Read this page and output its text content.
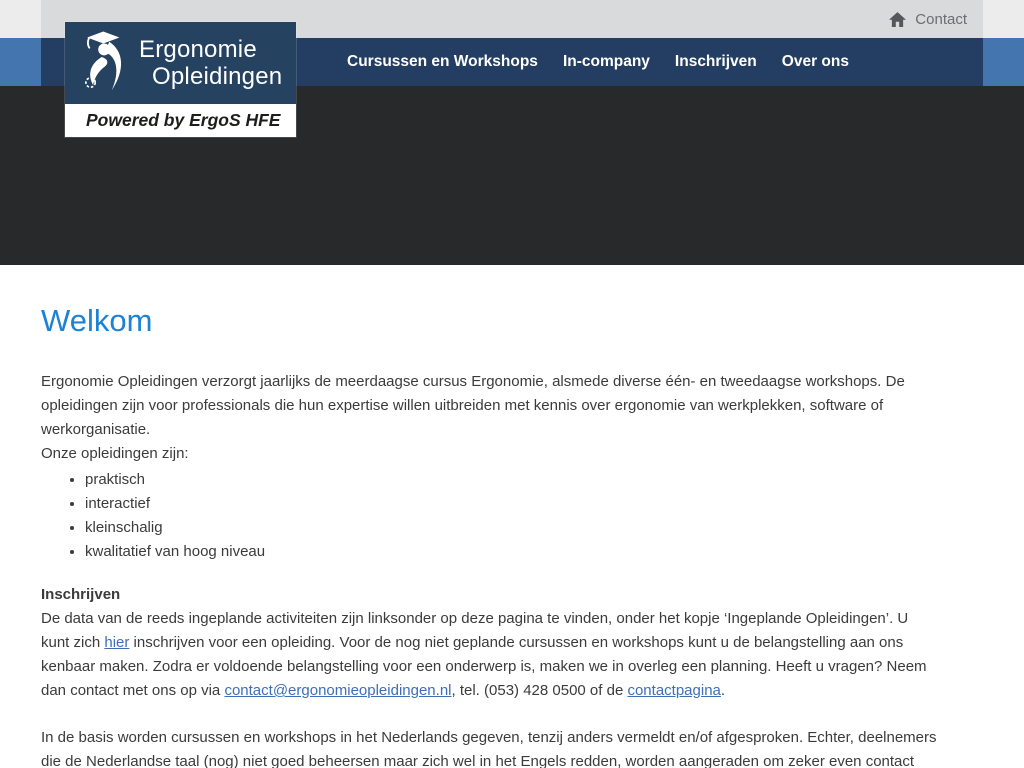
Contact
Cursussen en Workshops In-company Inschrijven Over ons
Ergonomie
Opleidingen
Powered by ErgoS HFE
Welkom
Ergonomie Opleidingen verzorgt jaarlijks de meerdaagse cursus Ergonomie, alsmede diverse één- en tweedaagse workshops. De
opleidingen zijn voor professionals die hun expertise willen uitbreiden met kennis over ergonomie van werkplekken, software of
werkorganisatie.
Onze opleidingen zijn:
• praktisch
• interactief
• kleinschalig
• kwalitatief van hoog niveau
Inschrijven
De data van de reeds ingeplande activiteiten zijn linksonder op deze pagina te vinden, onder het kopje ‘Ingeplande Opleidingen’. U
kunt zich hier inschrijven voor een opleiding. Voor de nog niet geplande cursussen en workshops kunt u de belangstelling aan ons
kenbaar maken. Zodra er voldoende belangstelling voor een onderwerp is, maken we in overleg een planning. Heeft u vragen? Neem
dan contact met ons op via contact@ergonomieopleidingen.nl, tel. (053) 428 0500 of de contactpagina.
In de basis worden cursussen en workshops in het Nederlands gegeven, tenzij anders vermeldt en/of afgesproken. Echter, deelnemers
die de Nederlandse taal (nog) niet goed beheersen maar zich wel in het Engels redden, worden aangeraden om zeker even contact
